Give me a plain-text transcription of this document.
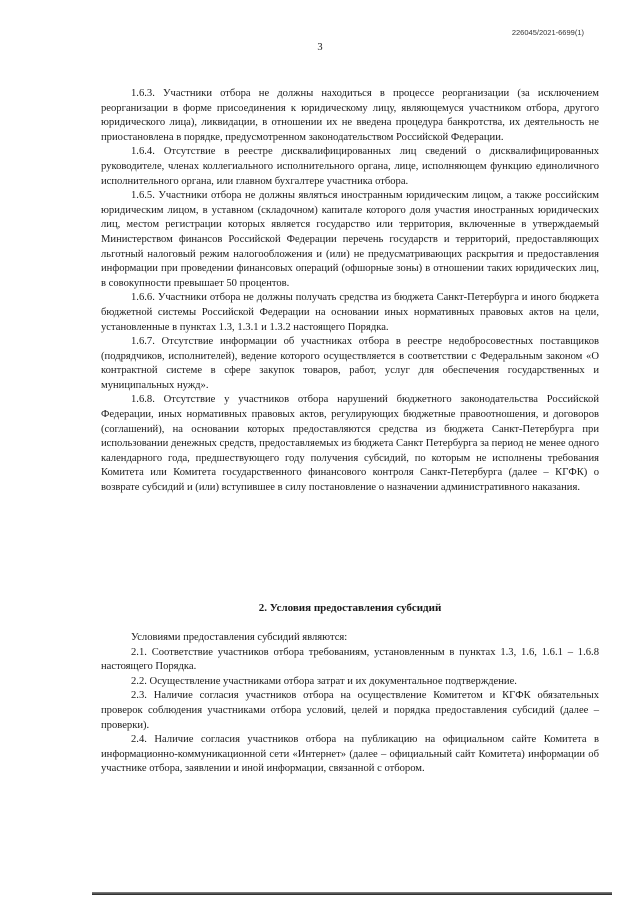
226045/2021-6699(1)
3

1.6.3. Участники отбора не должны находиться в процессе реорганизации (за исключением реорганизации в форме присоединения к юридическому лицу, являющемуся участником отбора, другого юридического лица), ликвидации, в отношении их не введена процедура банкротства, их деятельность не приостановлена в порядке, предусмотренном законодательством Российской Федерации.

1.6.4. Отсутствие в реестре дисквалифицированных лиц сведений о дисквалифицированных руководителе, членах коллегиального исполнительного органа, лице, исполняющем функцию единоличного исполнительного органа, или главном бухгалтере участника отбора.

1.6.5. Участники отбора не должны являться иностранным юридическим лицом, а также российским юридическим лицом, в уставном (складочном) капитале которого доля участия иностранных юридических лиц, местом регистрации которых является государство или территория, включенные в утверждаемый Министерством финансов Российской Федерации перечень государств и территорий, предоставляющих льготный налоговый режим налогообложения и (или) не предусматривающих раскрытия и предоставления информации при проведении финансовых операций (офшорные зоны) в отношении таких юридических лиц, в совокупности превышает 50 процентов.

1.6.6. Участники отбора не должны получать средства из бюджета Санкт-Петербурга и иного бюджета бюджетной системы Российской Федерации на основании иных нормативных правовых актов на цели, установленные в пунктах 1.3, 1.3.1 и 1.3.2 настоящего Порядка.

1.6.7. Отсутствие информации об участниках отбора в реестре недобросовестных поставщиков (подрядчиков, исполнителей), ведение которого осуществляется в соответствии с Федеральным законом «О контрактной системе в сфере закупок товаров, работ, услуг для обеспечения государственных и муниципальных нужд».

1.6.8. Отсутствие у участников отбора нарушений бюджетного законодательства Российской Федерации, иных нормативных правовых актов, регулирующих бюджетные правоотношения, и договоров (соглашений), на основании которых предоставляются средства из бюджета Санкт-Петербурга при использовании денежных средств, предоставляемых из бюджета Санкт Петербурга за период не менее одного календарного года, предшествующего году получения субсидий, по которым не исполнены требования Комитета или Комитета государственного финансового контроля Санкт-Петербурга (далее – КГФК) о возврате субсидий и (или) вступившее в силу постановление о назначении административного наказания.

2. Условия предоставления субсидий

Условиями предоставления субсидий являются:

2.1. Соответствие участников отбора требованиям, установленным в пунктах 1.3, 1.6, 1.6.1 – 1.6.8 настоящего Порядка.

2.2. Осуществление участниками отбора затрат и их документальное подтверждение.

2.3. Наличие согласия участников отбора на осуществление Комитетом и КГФК обязательных проверок соблюдения участниками отбора условий, целей и порядка предоставления субсидий (далее – проверки).

2.4. Наличие согласия участников отбора на публикацию на официальном сайте Комитета в информационно-коммуникационной сети «Интернет» (далее – официальный сайт Комитета) информации об участнике отбора, заявлении и иной информации, связанной с отбором.
